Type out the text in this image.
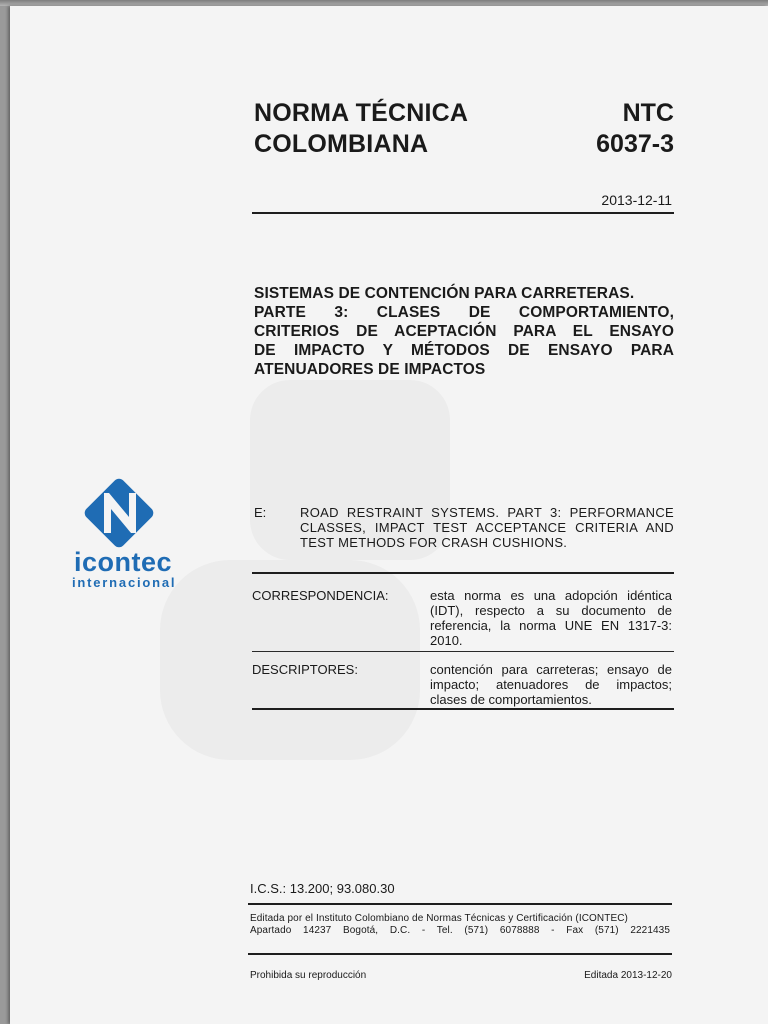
NORMA TÉCNICA
COLOMBIANA
NTC
6037-3
2013-12-11
SISTEMAS DE CONTENCIÓN PARA CARRETERAS.
PARTE 3: CLASES DE COMPORTAMIENTO,
CRITERIOS DE ACEPTACIÓN PARA EL ENSAYO
DE IMPACTO Y MÉTODOS DE ENSAYO PARA
ATENUADORES DE IMPACTOS
E:	ROAD RESTRAINT SYSTEMS. PART 3: PERFORMANCE
CLASSES, IMPACT TEST ACCEPTANCE CRITERIA AND
TEST METHODS FOR CRASH CUSHIONS.
CORRESPONDENCIA:	esta norma es una adopción idéntica
(IDT), respecto a su documento de
referencia, la norma UNE EN 1317-3:
2010.
DESCRIPTORES:	contención para carreteras; ensayo de
impacto; atenuadores de impactos;
clases de comportamientos.
I.C.S.: 13.200; 93.080.30
Editada por el Instituto Colombiano de Normas Técnicas y Certificación (ICONTEC)
Apartado 14237 Bogotá, D.C. - Tel. (571) 6078888 - Fax (571) 2221435
Prohibida su reproducción	Editada 2013-12-20
icontec
internacional
